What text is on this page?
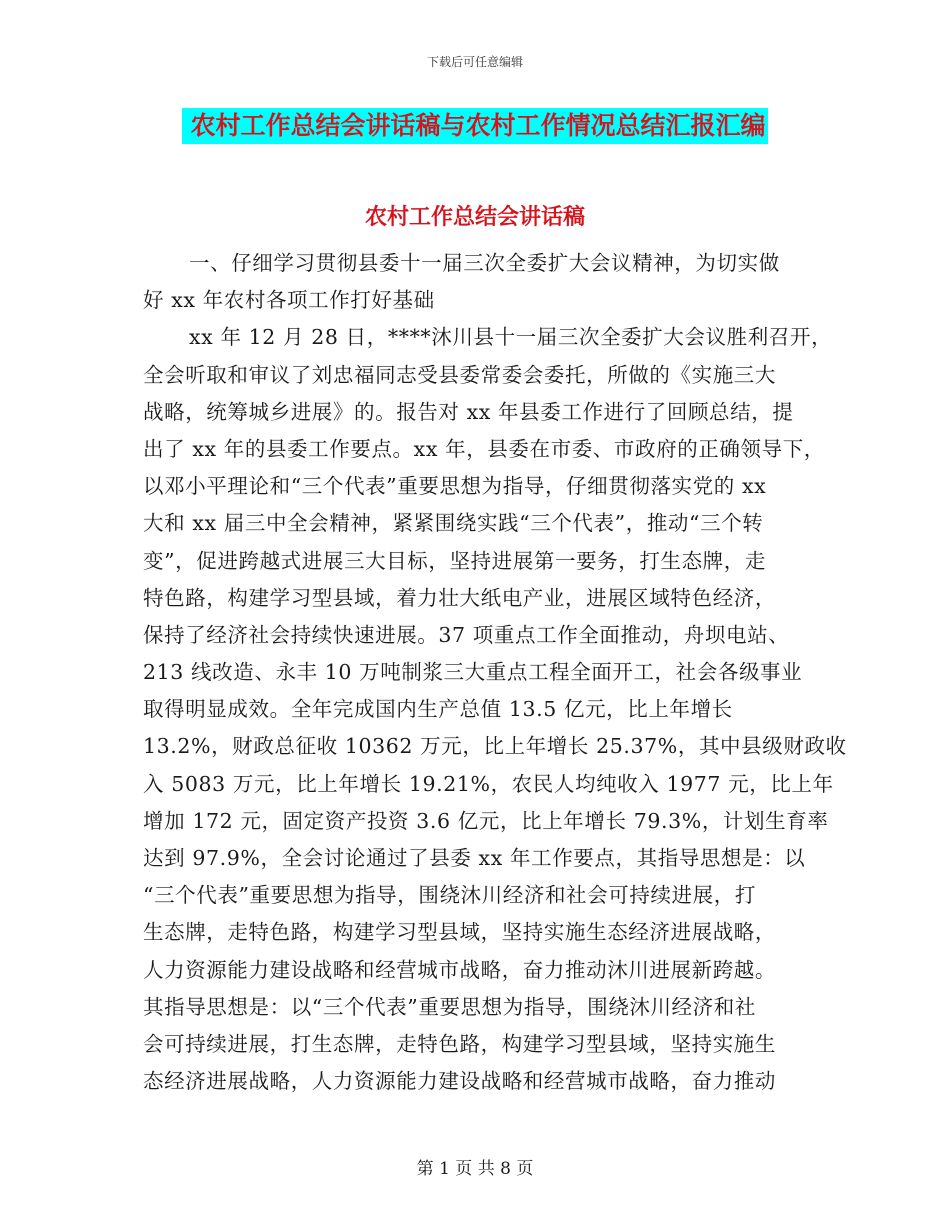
下载后可任意编辑
农村工作总结会讲话稿与农村工作情况总结汇报汇编
农村工作总结会讲话稿
一、仔细学习贯彻县委十一届三次全委扩大会议精神，为切实做
好 xx 年农村各项工作打好基础
xx 年 12 月 28 日，****沐川县十一届三次全委扩大会议胜利召开，
全会听取和审议了刘忠福同志受县委常委会委托，所做的《实施三大
战略，统筹城乡进展》的。报告对 xx 年县委工作进行了回顾总结，提
出了 xx 年的县委工作要点。xx 年，县委在市委、市政府的正确领导下，
以邓小平理论和“三个代表”重要思想为指导，仔细贯彻落实党的 xx
大和 xx 届三中全会精神，紧紧围绕实践“三个代表”，推动“三个转
变”，促进跨越式进展三大目标，坚持进展第一要务，打生态牌，走
特色路，构建学习型县域，着力壮大纸电产业，进展区域特色经济，
保持了经济社会持续快速进展。37 项重点工作全面推动，舟坝电站、
213 线改造、永丰 10 万吨制浆三大重点工程全面开工，社会各级事业
取得明显成效。全年完成国内生产总值 13.5 亿元，比上年增长
13.2%，财政总征收 10362 万元，比上年增长 25.37%，其中县级财政收
入 5083 万元，比上年增长 19.21%，农民人均纯收入 1977 元，比上年
增加 172 元，固定资产投资 3.6 亿元，比上年增长 79.3%，计划生育率
达到 97.9%，全会讨论通过了县委 xx 年工作要点，其指导思想是：以
“三个代表”重要思想为指导，围绕沐川经济和社会可持续进展，打
生态牌，走特色路，构建学习型县域，坚持实施生态经济进展战略，
人力资源能力建设战略和经营城市战略，奋力推动沐川进展新跨越。
其指导思想是：以“三个代表”重要思想为指导，围绕沐川经济和社
会可持续进展，打生态牌，走特色路，构建学习型县域，坚持实施生
态经济进展战略，人力资源能力建设战略和经营城市战略，奋力推动
第 1 页 共 8 页
